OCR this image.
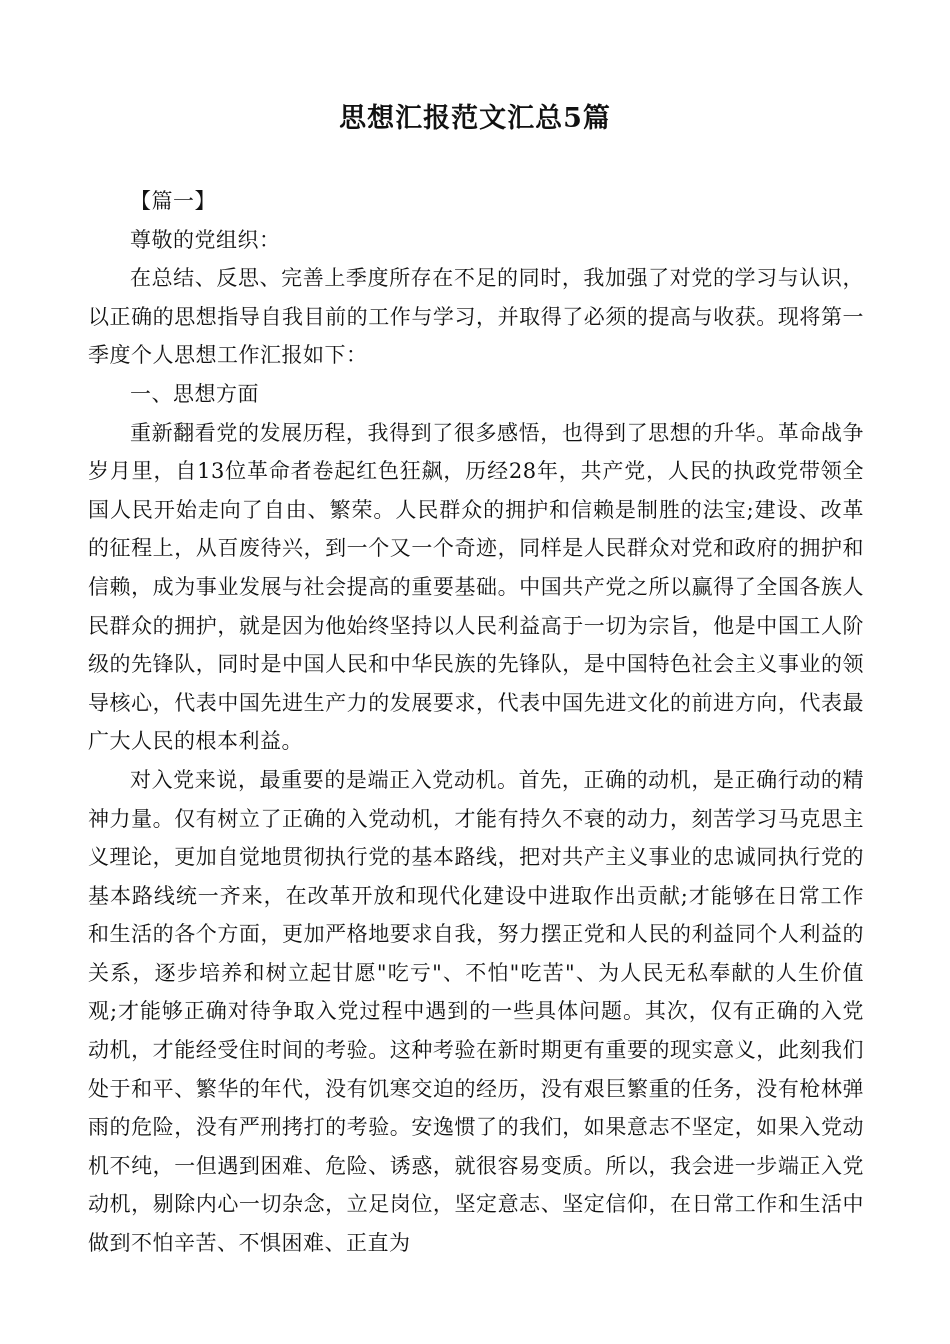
思想汇报范文汇总5篇

【篇一】

尊敬的党组织：

在总结、反思、完善上季度所存在不足的同时，我加强了对党的学习与认识，以正确的思想指导自我目前的工作与学习，并取得了必须的提高与收获。现将第一季度个人思想工作汇报如下：

一、思想方面

重新翻看党的发展历程，我得到了很多感悟，也得到了思想的升华。革命战争岁月里，自13位革命者卷起红色狂飙，历经28年，共产党，人民的执政党带领全国人民开始走向了自由、繁荣。人民群众的拥护和信赖是制胜的法宝;建设、改革的征程上，从百废待兴，到一个又一个奇迹，同样是人民群众对党和政府的拥护和信赖，成为事业发展与社会提高的重要基础。中国共产党之所以赢得了全国各族人民群众的拥护，就是因为他始终坚持以人民利益高于一切为宗旨，他是中国工人阶级的先锋队，同时是中国人民和中华民族的先锋队，是中国特色社会主义事业的领导核心，代表中国先进生产力的发展要求，代表中国先进文化的前进方向，代表最广大人民的根本利益。

对入党来说，最重要的是端正入党动机。首先，正确的动机，是正确行动的精神力量。仅有树立了正确的入党动机，才能有持久不衰的动力，刻苦学习马克思主义理论，更加自觉地贯彻执行党的基本路线，把对共产主义事业的忠诚同执行党的基本路线统一齐来，在改革开放和现代化建设中进取作出贡献;才能够在日常工作和生活的各个方面，更加严格地要求自我，努力摆正党和人民的利益同个人利益的关系，逐步培养和树立起甘愿"吃亏"、不怕"吃苦"、为人民无私奉献的人生价值观;才能够正确对待争取入党过程中遇到的一些具体问题。其次，仅有正确的入党动机，才能经受住时间的考验。这种考验在新时期更有重要的现实意义，此刻我们处于和平、繁华的年代，没有饥寒交迫的经历，没有艰巨繁重的任务，没有枪林弹雨的危险，没有严刑拷打的考验。安逸惯了的我们，如果意志不坚定，如果入党动机不纯，一但遇到困难、危险、诱惑，就很容易变质。所以，我会进一步端正入党动机，剔除内心一切杂念，立足岗位，坚定意志、坚定信仰，在日常工作和生活中做到不怕辛苦、不惧困难、正直为
